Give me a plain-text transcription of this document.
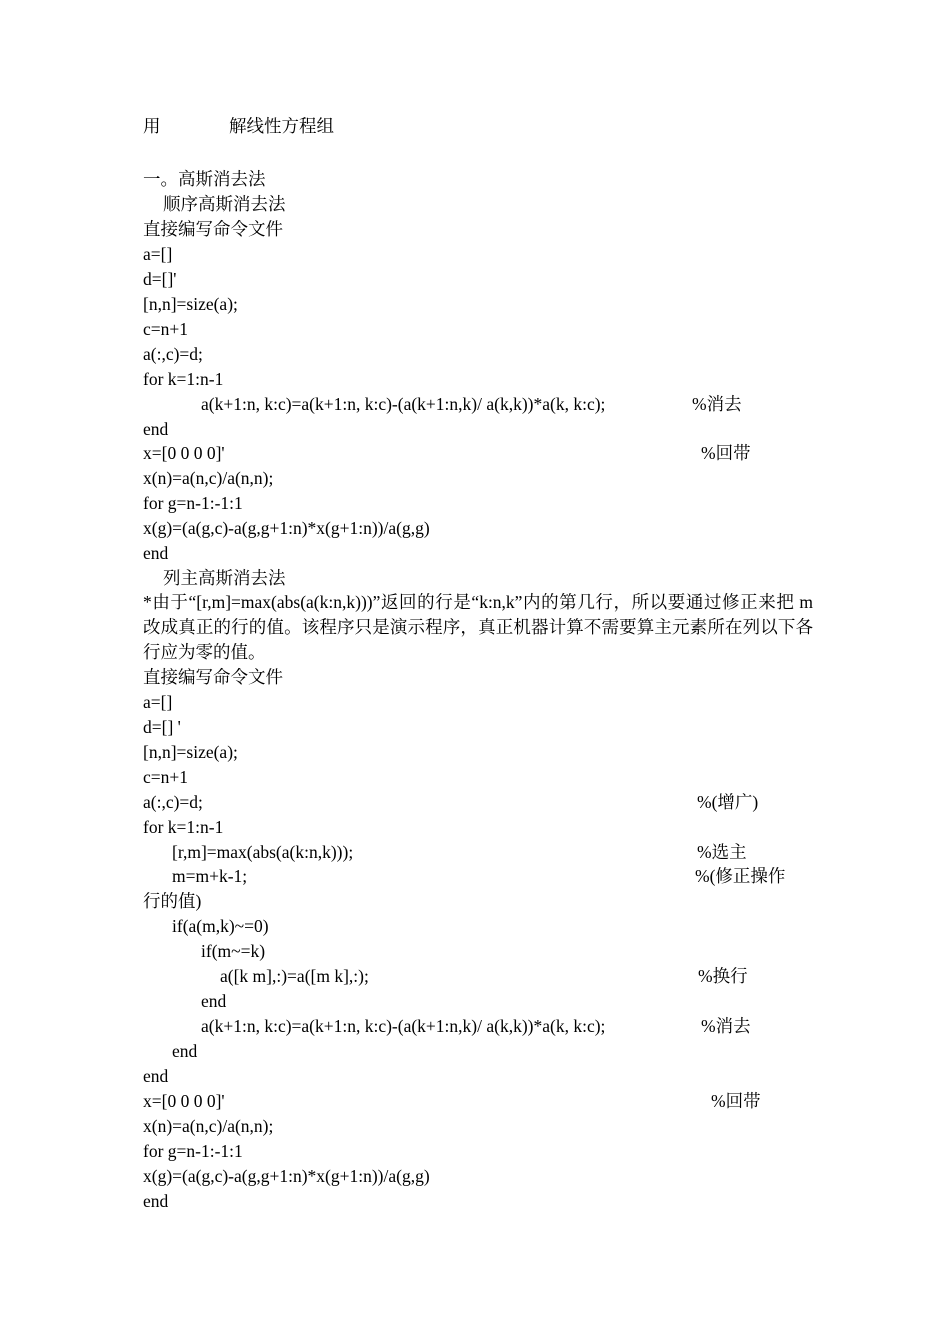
用	解线性方程组
一。高斯消去法
顺序高斯消去法
直接编写命令文件
a=[]
d=[]'
[n,n]=size(a);
c=n+1
a(:,c)=d;
for k=1:n-1
a(k+1:n, k:c)=a(k+1:n, k:c)-(a(k+1:n,k)/ a(k,k))*a(k, k:c);	%消去
end
x=[0 0 0 0]'	%回带
x(n)=a(n,c)/a(n,n);
for g=n-1:-1:1
x(g)=(a(g,c)-a(g,g+1:n)*x(g+1:n))/a(g,g)
end
列主高斯消去法
*由于“[r,m]=max(abs(a(k:n,k)))”返回的行是“k:n,k”内的第几行，所以要通过修正来把 m 改成真正的行的值。该程序只是演示程序，真正机器计算不需要算主元素所在列以下各行应为零的值。
直接编写命令文件
a=[]
d=[] '
[n,n]=size(a);
c=n+1
a(:,c)=d;	%(增广)
for k=1:n-1
[r,m]=max(abs(a(k:n,k)));	%选主
m=m+k-1;	%(修正操作
行的值)
if(a(m,k)~=0)
if(m~=k)
a([k m],:)=a([m k],:);	%换行
end
a(k+1:n, k:c)=a(k+1:n, k:c)-(a(k+1:n,k)/ a(k,k))*a(k, k:c);	%消去
end
end
x=[0 0 0 0]'	%回带
x(n)=a(n,c)/a(n,n);
for g=n-1:-1:1
x(g)=(a(g,c)-a(g,g+1:n)*x(g+1:n))/a(g,g)
end
